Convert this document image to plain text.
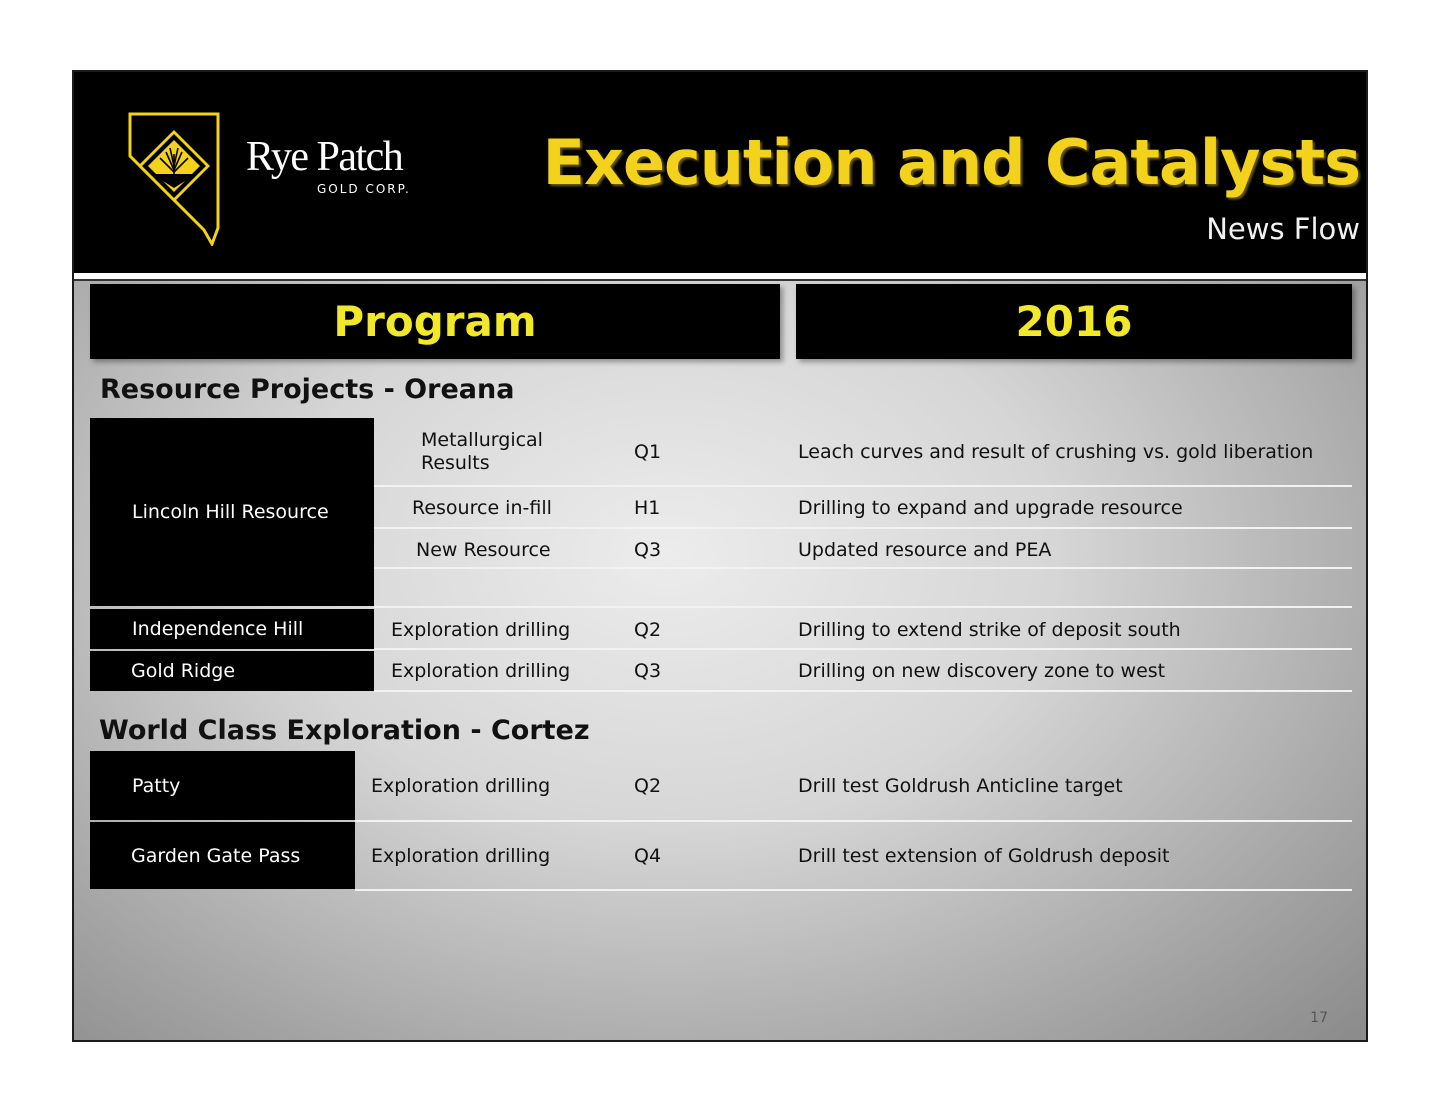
Rye Patch
GOLD CORP. Execution and Catalysts
News Flow
Program	2016
Resource Projects - Oreana
Lincoln Hill Resource
Metallurgical Results	Q1	Leach curves and result of crushing vs. gold liberation
Resource in-fill	H1	Drilling to expand and upgrade resource
New Resource	Q3	Updated resource and PEA
Independence Hill	Exploration drilling	Q2	Drilling to extend strike of deposit south
Gold Ridge	Exploration drilling	Q3	Drilling on new discovery zone to west
World Class Exploration - Cortez
Patty	Exploration drilling	Q2	Drill test Goldrush Anticline target
Garden Gate Pass	Exploration drilling	Q4	Drill test extension of Goldrush deposit
17
